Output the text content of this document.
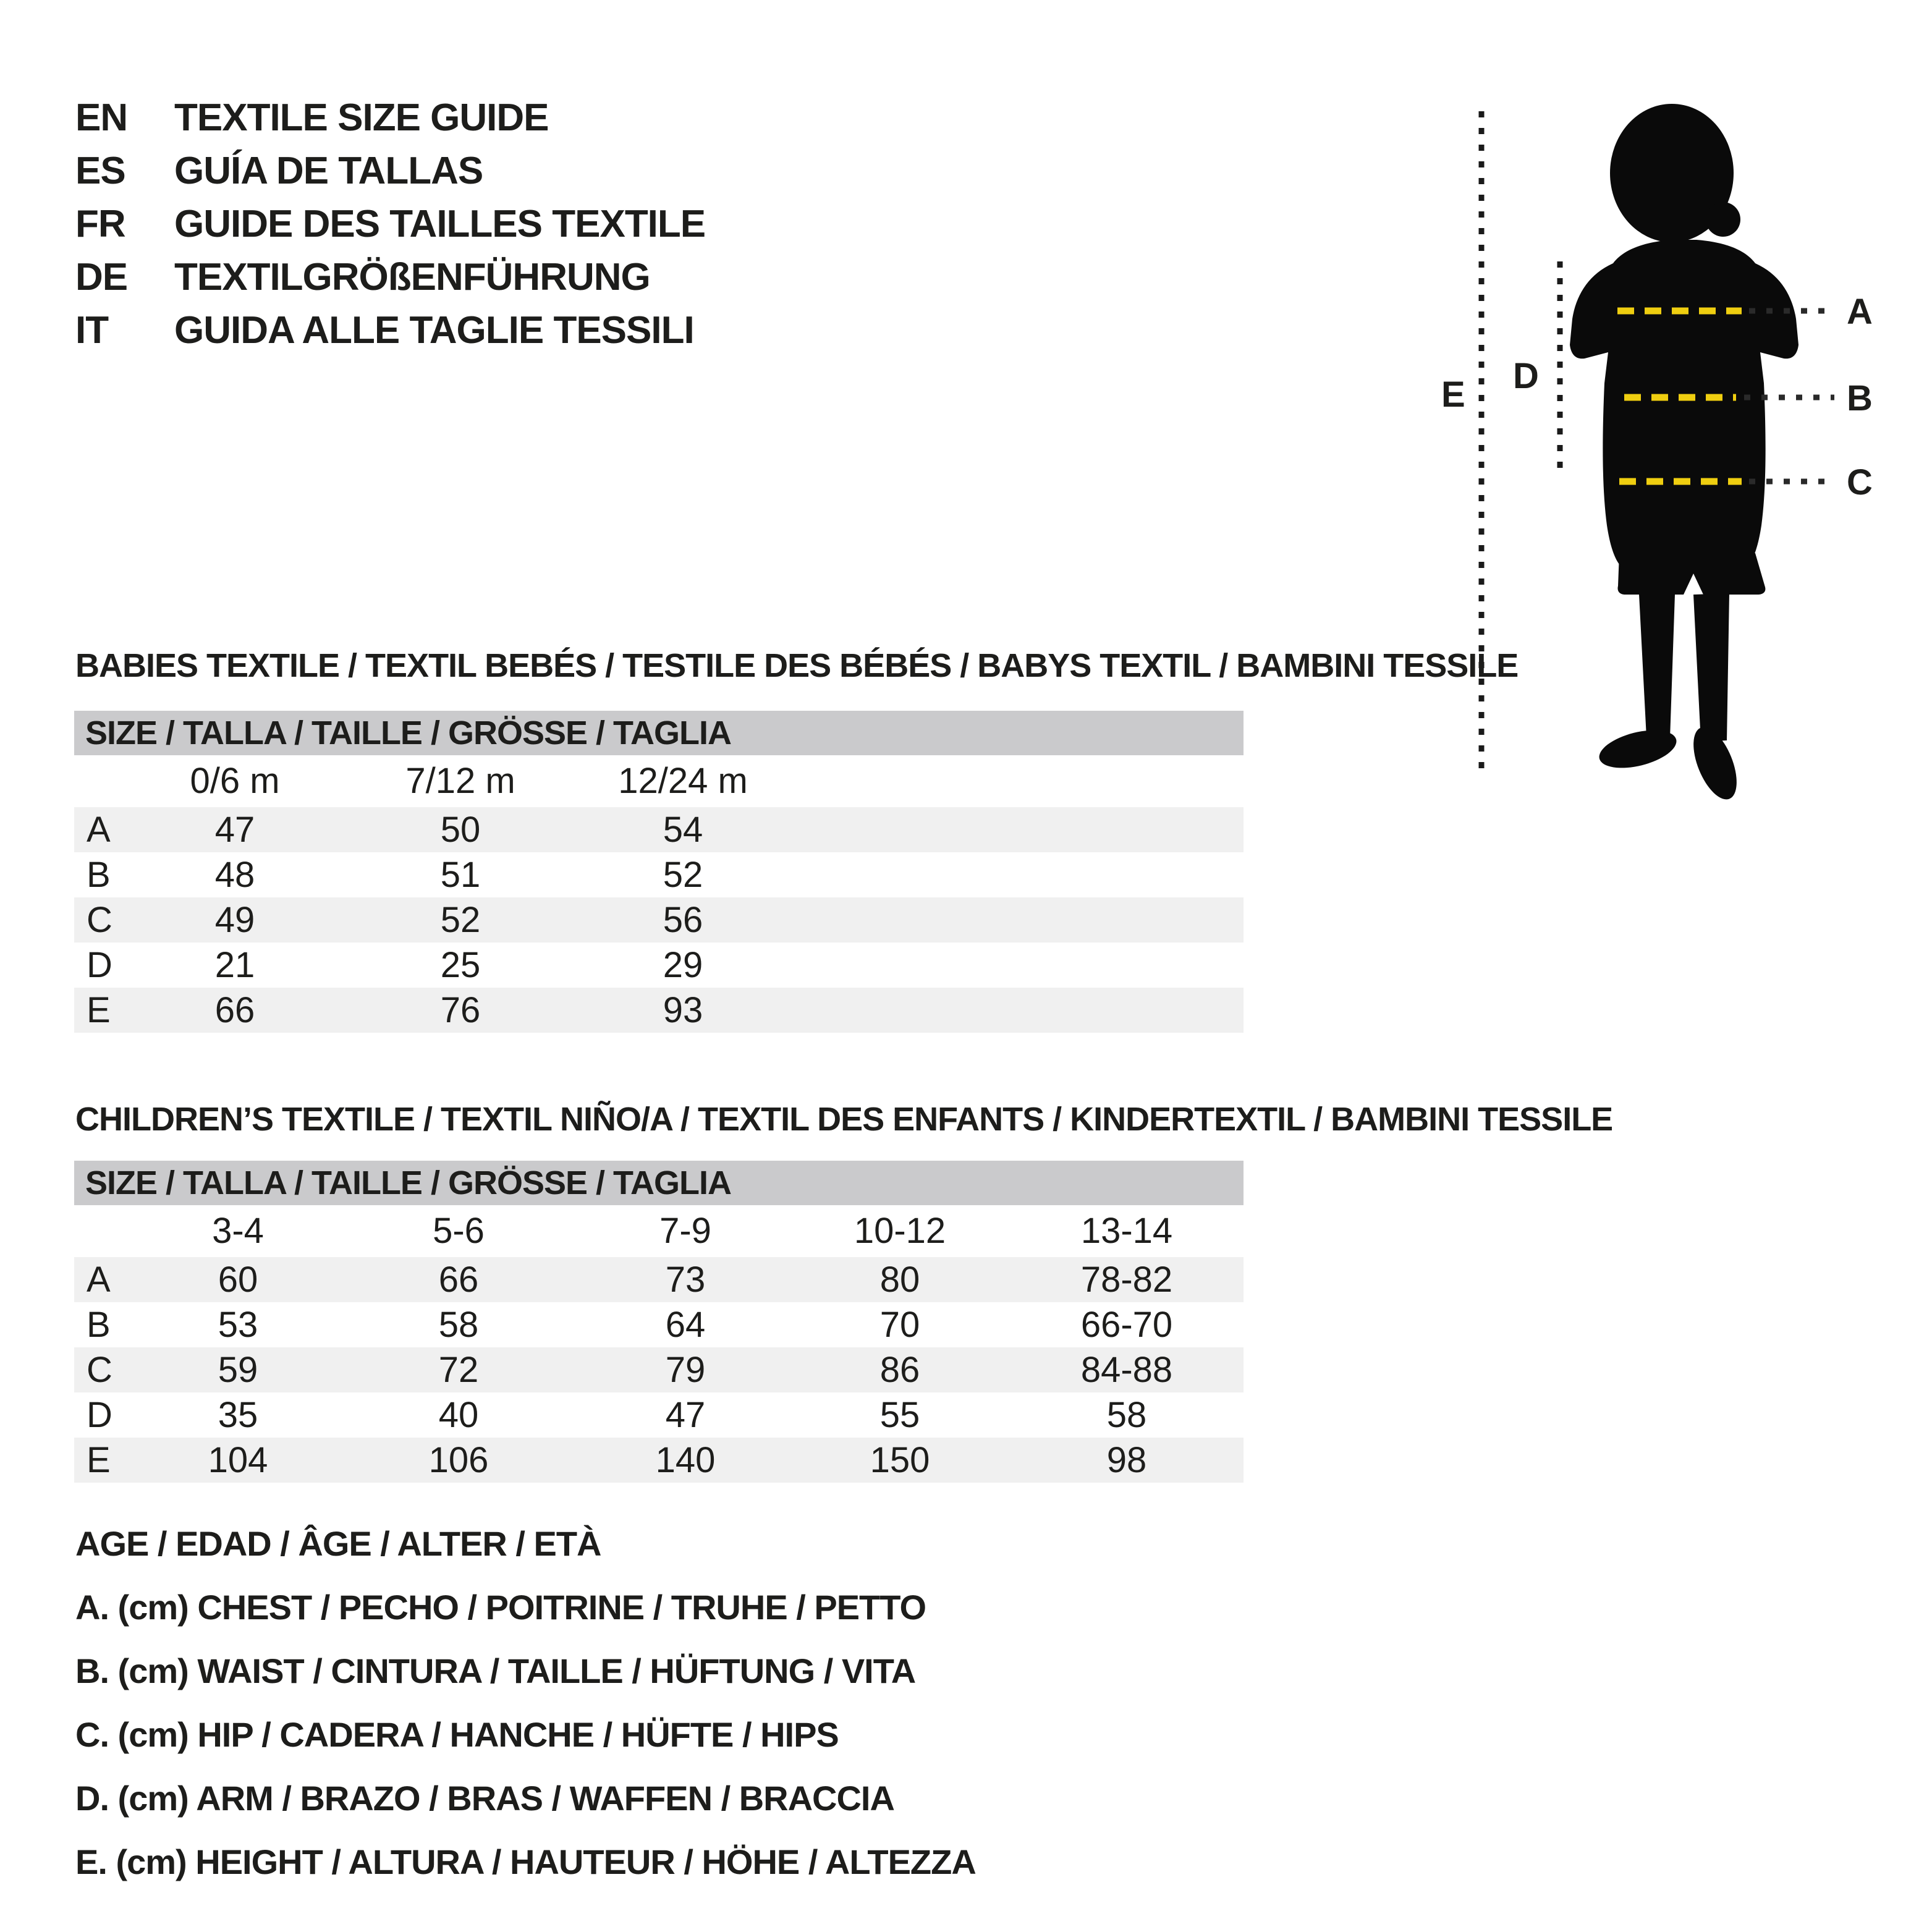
EN TEXTILE SIZE GUIDE
ES GUÍA DE TALLAS
FR GUIDE DES TAILLES TEXTILE
DE TEXTILGRÖßENFÜHRUNG
IT GUIDA ALLE TAGLIE TESSILI	A
B
C
D
E
BABIES TEXTILE / TEXTIL BEBÉS / TESTILE DES BÉBÉS / BABYS TEXTIL / BAMBINI TESSILE
SIZE / TALLA / TAILLE / GRÖSSE / TAGLIA
0/6 m	7/12 m	12/24 m
A	47	50	54
B	48	51	52
C	49	52	56
D	21	25	29
E	66	76	93
CHILDREN’S TEXTILE / TEXTIL NIÑO/A / TEXTIL DES ENFANTS / KINDERTEXTIL / BAMBINI TESSILE
SIZE / TALLA / TAILLE / GRÖSSE / TAGLIA
3-4	5-6	7-9	10-12	13-14
A	60	66	73	80	78-82
B	53	58	64	70	66-70
C	59	72	79	86	84-88
D	35	40	47	55	58
E	104	106	140	150	98
AGE / EDAD / ÂGE / ALTER / ETÀ
A. (cm) CHEST / PECHO / POITRINE / TRUHE / PETTO
B. (cm) WAIST / CINTURA / TAILLE / HÜFTUNG / VITA
C. (cm) HIP / CADERA / HANCHE / HÜFTE / HIPS
D. (cm) ARM / BRAZO / BRAS / WAFFEN / BRACCIA
E. (cm) HEIGHT / ALTURA / HAUTEUR / HÖHE / ALTEZZA
